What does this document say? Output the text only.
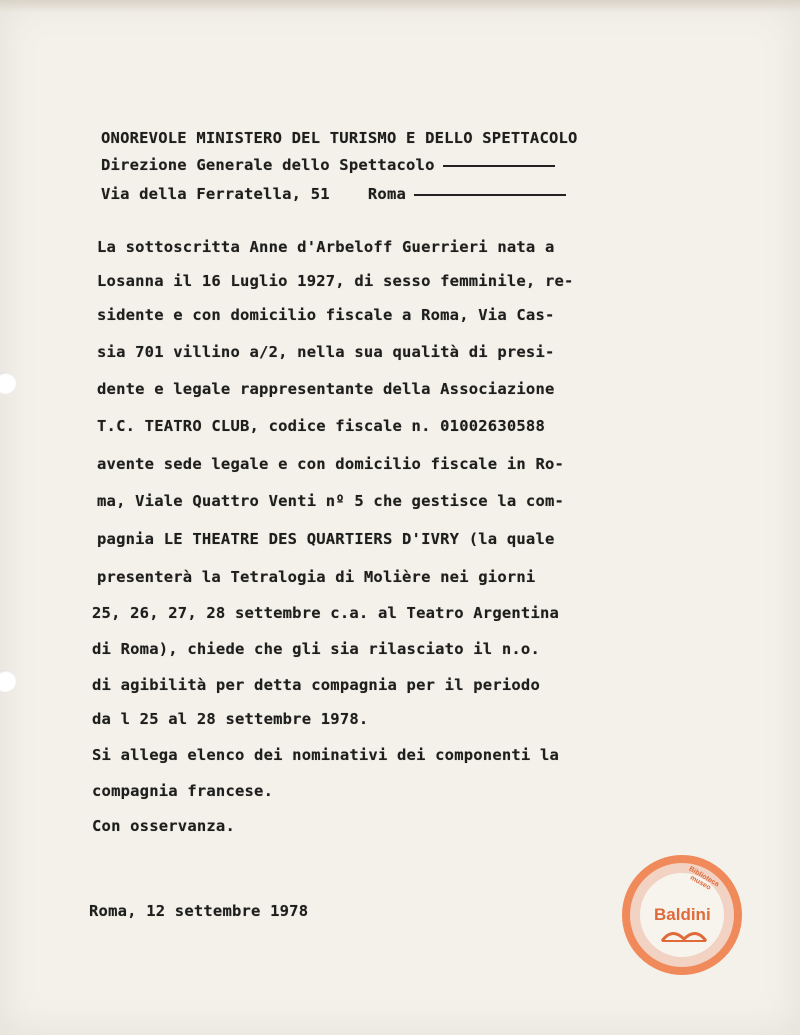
ONOREVOLE MINISTERO DEL TURISMO E DELLO SPETTACOLO
Direzione Generale dello Spettacolo
Via della Ferratella, 51    Roma
La sottoscritta Anne d'Arbeloff Guerrieri nata a
Losanna il 16 Luglio 1927, di sesso femminile, re-
sidente e con domicilio fiscale a Roma, Via Cas-
sia 701 villino a/2, nella sua qualità di presi-
dente e legale rappresentante della Associazione
T.C. TEATRO CLUB, codice fiscale n. 01002630588
avente sede legale e con domicilio fiscale in Ro-
ma, Viale Quattro Venti nº 5 che gestisce la com-
pagnia LE THEATRE DES QUARTIERS D'IVRY (la quale
presenterà la Tetralogia di Molière nei giorni
25, 26, 27, 28 settembre c.a. al Teatro Argentina
di Roma), chiede che gli sia rilasciato il n.o.
di agibilità per detta compagnia per il periodo
da l 25 al 28 settembre 1978.
Si allega elenco dei nominativi dei componenti la
compagnia francese.
Con osservanza.
Roma, 12 settembre 1978
Biblioteca museo
Baldini
